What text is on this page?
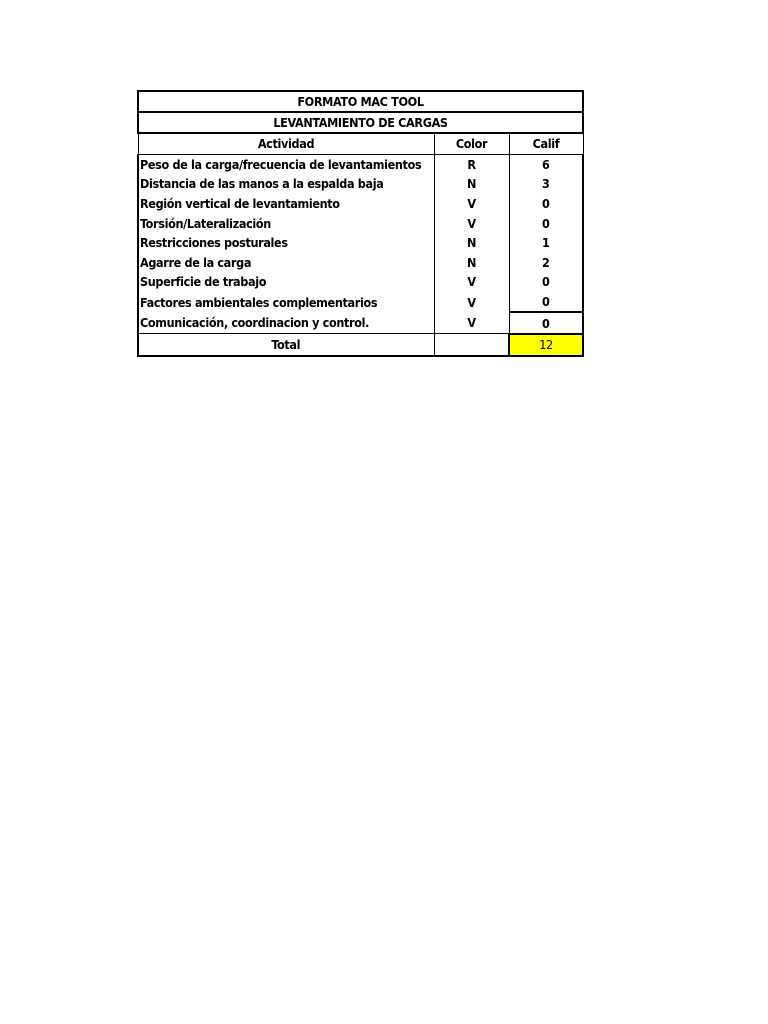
FORMATO MAC TOOL		
LEVANTAMIENTO DE CARGAS		
Actividad	Color	Calif
Peso de la carga/frecuencia de levantamientos	R	6
Distancia de las manos a la espalda baja	N	3
Región vertical de levantamiento	V	0
Torsión/Lateralización	V	0
Restricciones posturales	N	1
Agarre de la carga	N	2
Superficie de trabajo	V	0
Factores ambientales complementarios	V	0
Comunicación, coordinacion y control.	V	0
Total		12
